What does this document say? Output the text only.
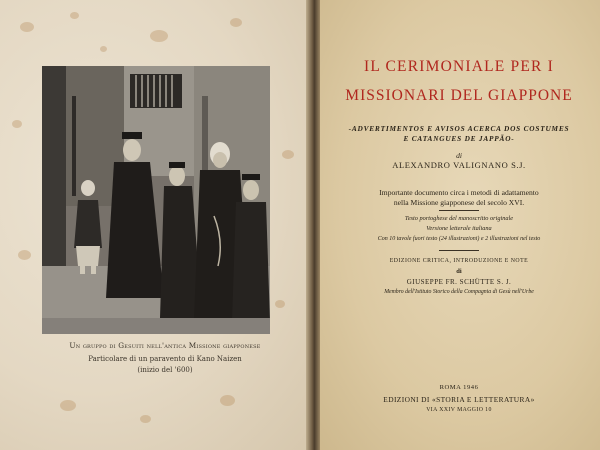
Un gruppo di Gesuiti nell'antica Missione giapponese
Particolare di un paravento di Kano Naizen
(inizio del '600)
IL CERIMONIALE PER I
MISSIONARI DEL GIAPPONE
-ADVERTIMENTOS E AVISOS ACERCA DOS COSTUMES
E CATANGUES DE JAPPÃO-
di
ALEXANDRO VALIGNANO S.J.
Importante documento circa i metodi di adattamento
nella Missione giapponese del secolo XVI.
Testo portoghese del manoscritto originale
Versione letterale italiana
Con 10 tavole fuori testo (24 illustrazioni) e 2 illustrazioni nel testo
EDIZIONE CRITICA, INTRODUZIONE E NOTE
di
GIUSEPPE FR. SCHÜTTE S. J.
Membro dell'Istituto Storico della Compagnia di Gesù nell'Urbe
ROMA 1946
EDIZIONI DI «STORIA E LETTERATURA»
VIA XXIV MAGGIO 10
